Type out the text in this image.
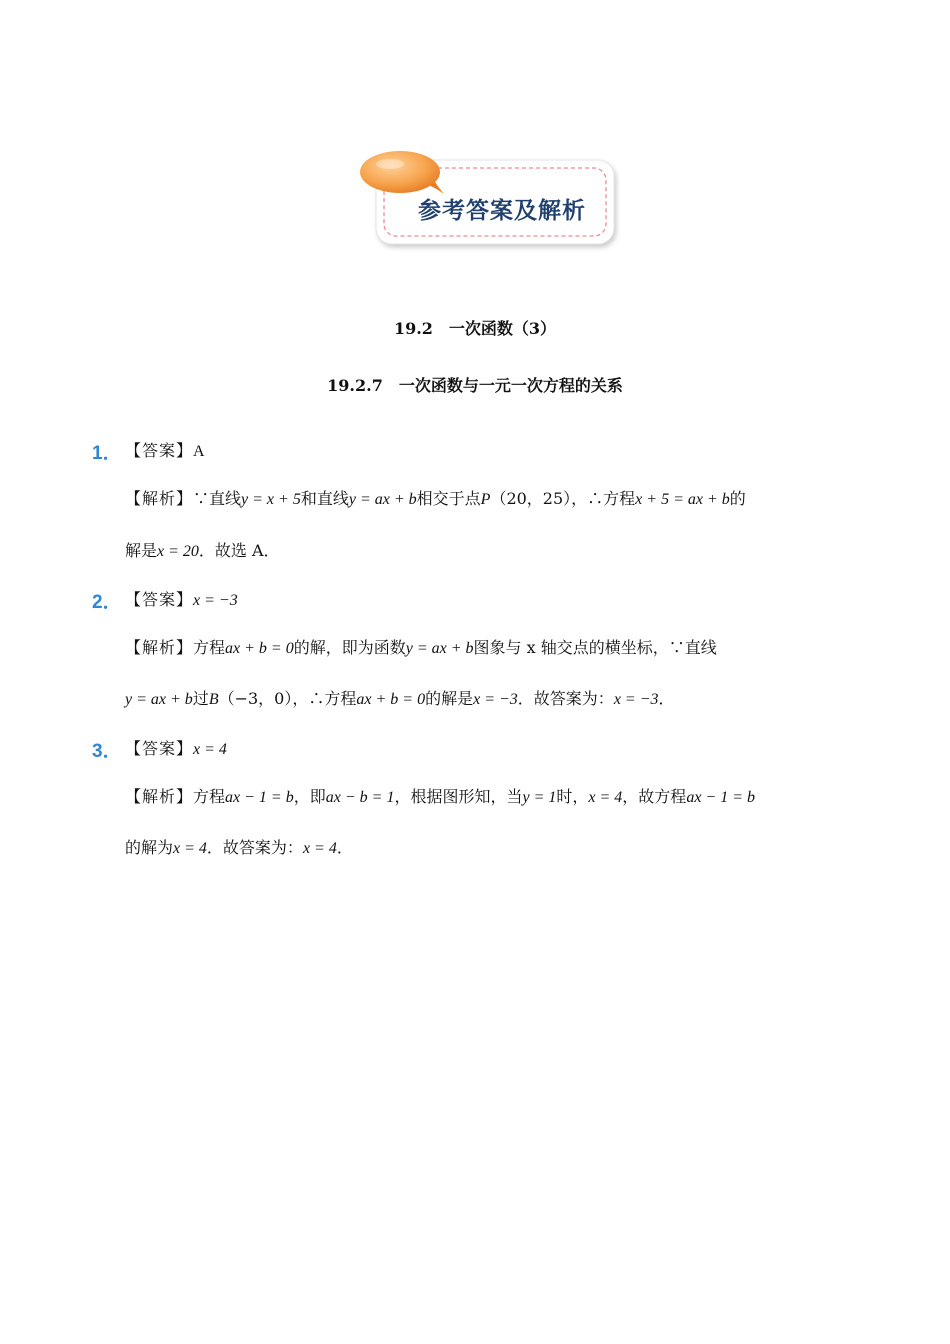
参考答案及解析
19.2　一次函数（3）
19.2.7　一次函数与一元一次方程的关系
1． 【答案】A
【解析】∵直线y = x + 5和直线y = ax + b相交于点P（20，25），∴方程x + 5 = ax + b的
解是x = 20．故选 A．
2． 【答案】x = −3
【解析】方程ax + b = 0的解，即为函数y = ax + b图象与 x 轴交点的横坐标，∵直线
y = ax + b过B（−3，0），∴方程ax + b = 0的解是x = −3．故答案为：x = −3．
3． 【答案】x = 4
【解析】方程ax − 1 = b，即ax − b = 1，根据图形知，当y = 1时，x = 4，故方程ax − 1 = b
的解为x = 4．故答案为：x = 4．
